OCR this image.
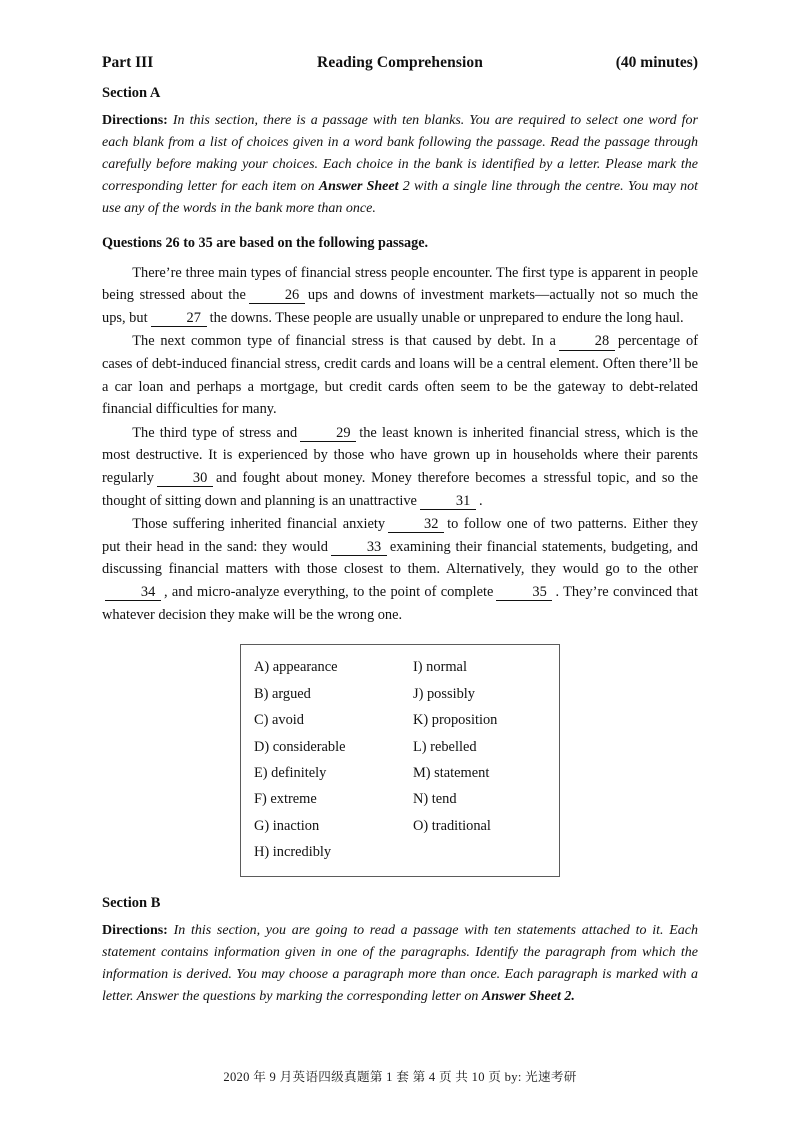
Part III	Reading Comprehension	(40 minutes)
Section A

Directions: In this section, there is a passage with ten blanks. You are required to select one word for each blank from a list of choices given in a word bank following the passage. Read the passage through carefully before making your choices. Each choice in the bank is identified by a letter. Please mark the corresponding letter for each item on Answer Sheet 2 with a single line through the centre. You may not use any of the words in the bank more than once.

Questions 26 to 35 are based on the following passage.

There’re three main types of financial stress people encounter. The first type is apparent in people being stressed about the	26 ups and downs of investment markets—actually not so much the ups, but	27 the downs. These people are usually unable or unprepared to endure the long haul.

The next common type of financial stress is that caused by debt. In a	28 percentage of cases of debt-induced financial stress, credit cards and loans will be a central element. Often there’ll be a car loan and perhaps a mortgage, but credit cards often seem to be the gateway to debt-related financial difficulties for many.

The third type of stress and	29 the least known is inherited financial stress, which is the most destructive. It is experienced by those who have grown up in households where their parents regularly	30 and fought about money. Money therefore becomes a stressful topic, and so the thought of sitting down and planning is an unattractive	31 .

Those suffering inherited financial anxiety	32 to follow one of two patterns. Either they put their head in the sand: they would	33 examining their financial statements, budgeting, and discussing financial matters with those closest to them. Alternatively, they would go to the other34 , and micro-analyze everything, to the point of complete	35 . They’re convinced that whatever decision they make will be the wrong one.

A) appearance	I) normal
B) argued	J) possibly
C) avoid	K) proposition
D) considerable	L) rebelled
E) definitely	M) statement
F) extreme	N) tend
G) inaction	O) traditional
H) incredibly
Section B

Directions: In this section, you are going to read a passage with ten statements attached to it. Each statement contains information given in one of the paragraphs. Identify the paragraph from which the information is derived. You may choose a paragraph more than once. Each paragraph is marked with a letter. Answer the questions by marking the corresponding letter on Answer Sheet 2.

2020 年 9 月英语四级真题第 1 套 第 4 页 共 10 页 by: 光速考研
